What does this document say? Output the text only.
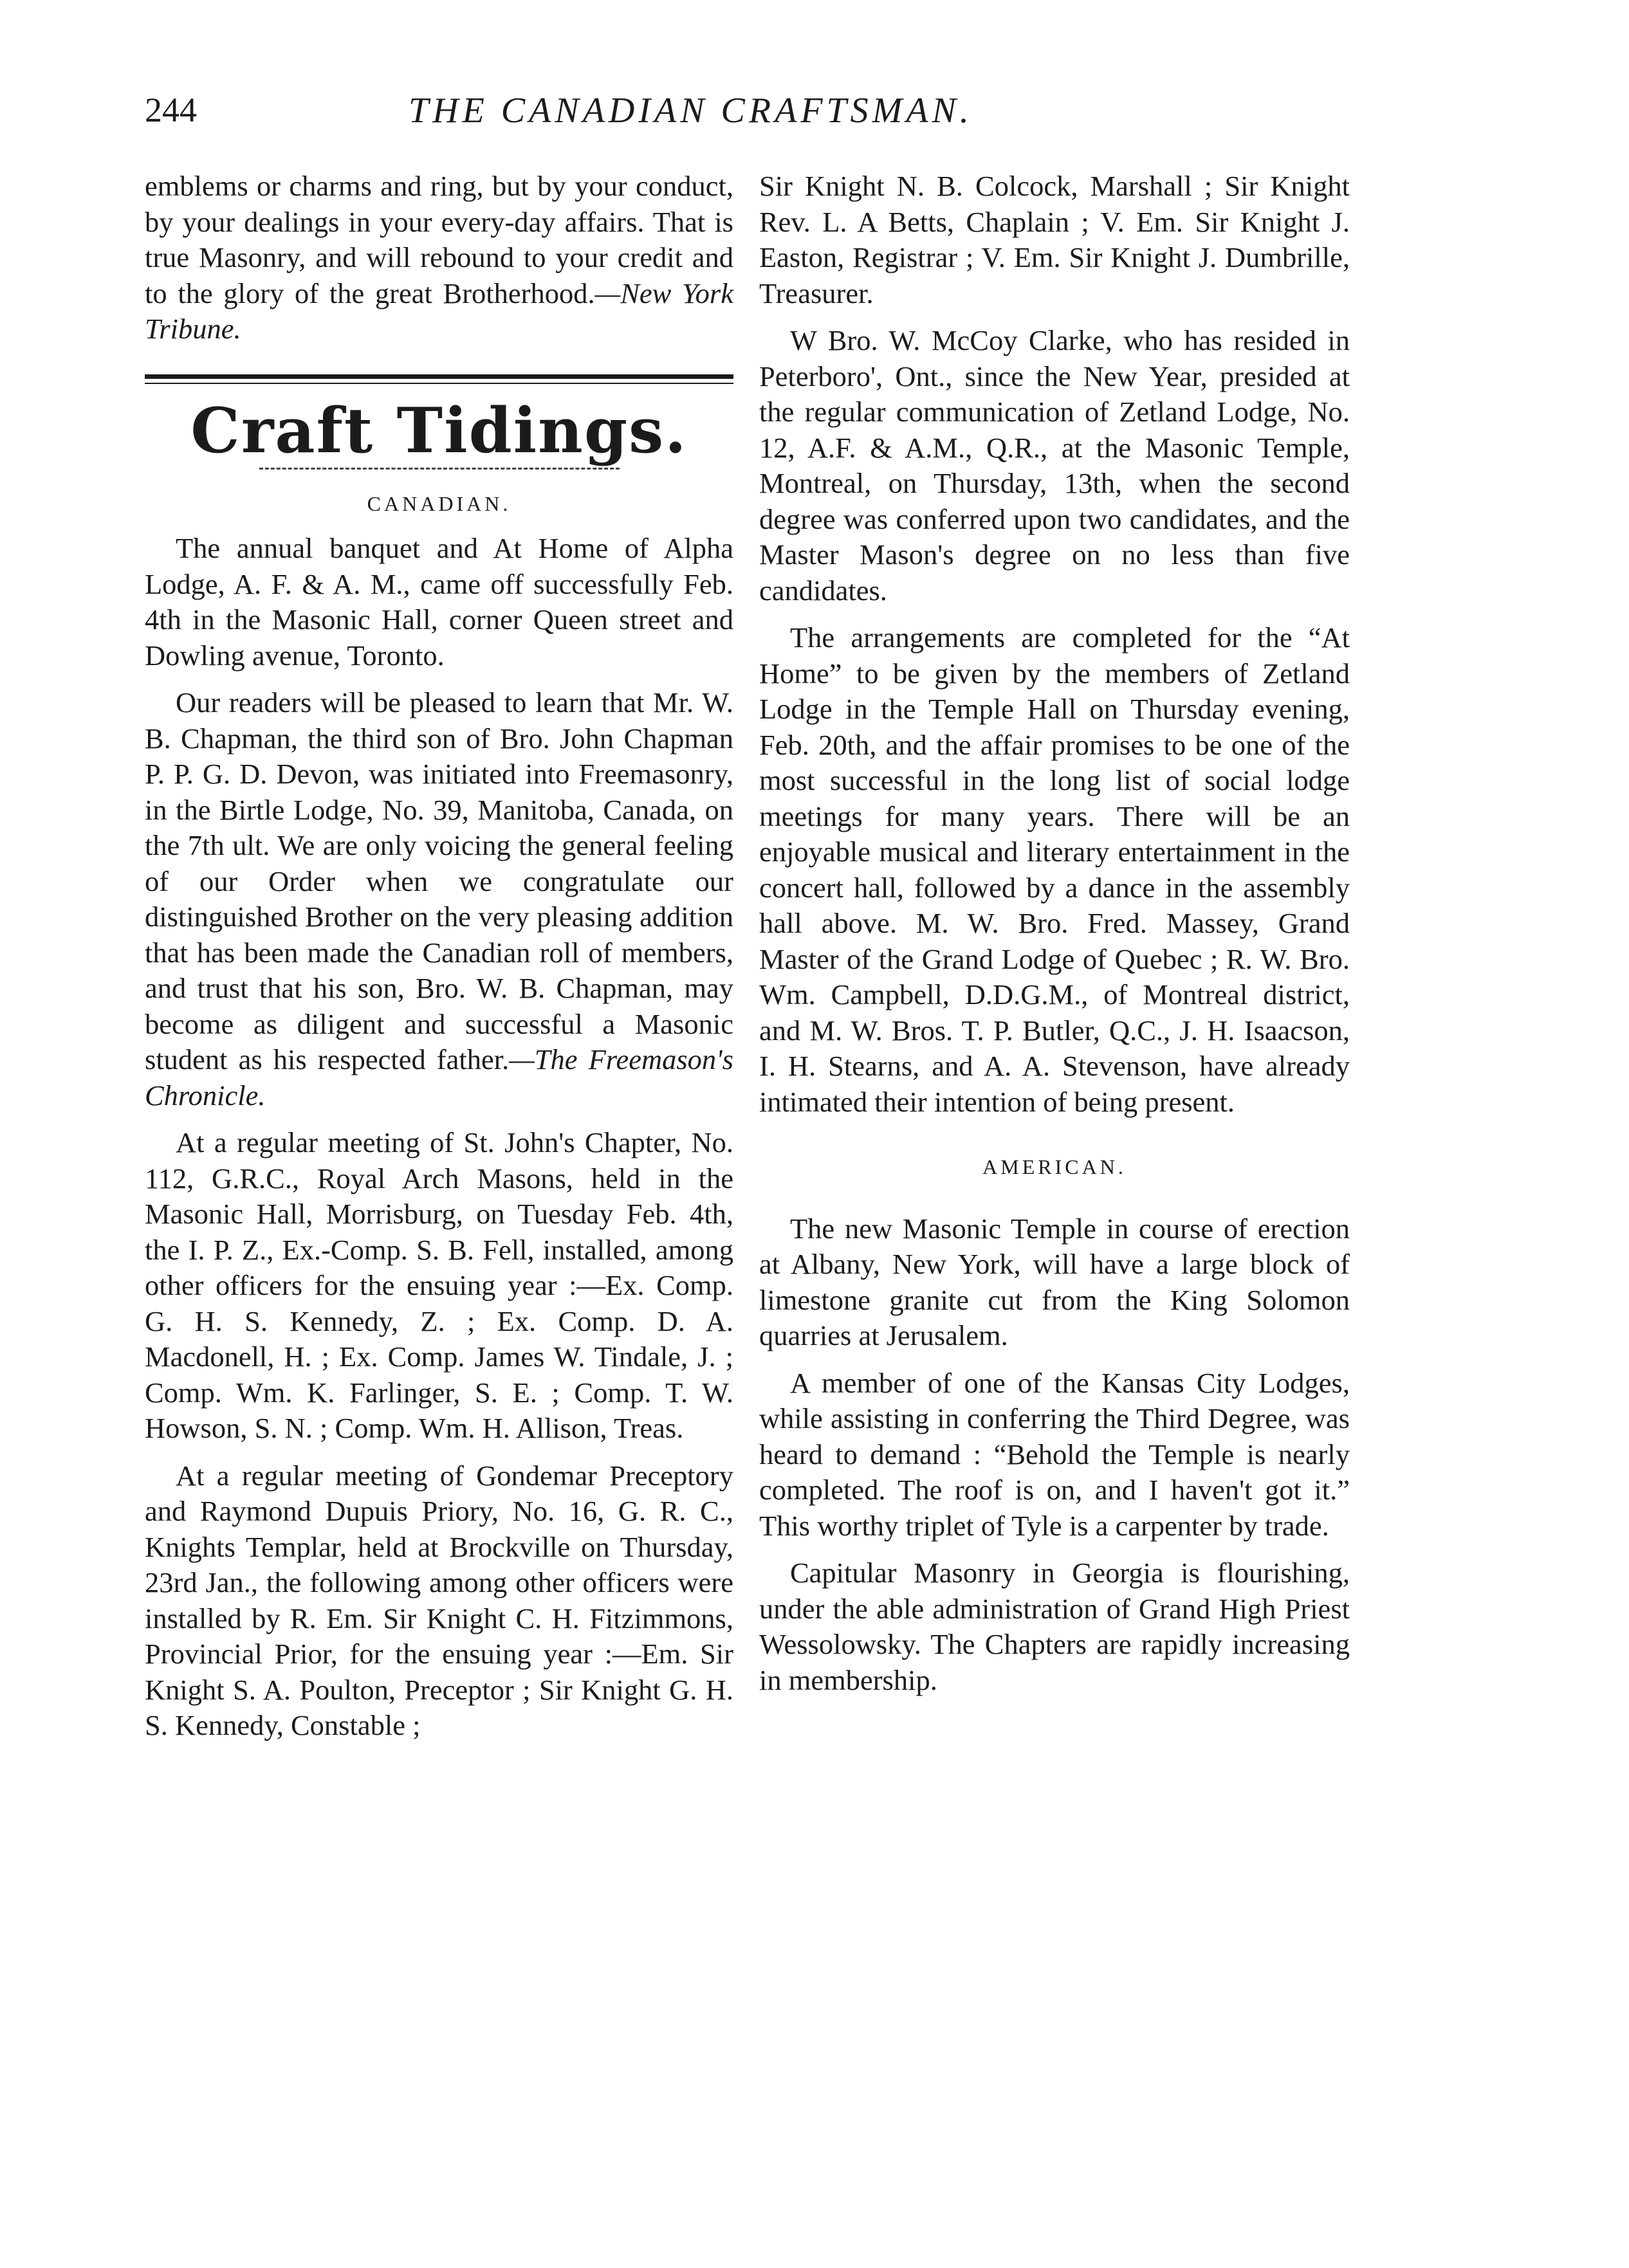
244	THE CANADIAN CRAFTSMAN.

emblems or charms and ring, but by your conduct, by your dealings in your every-day affairs. That is true Masonry, and will rebound to your credit and to the glory of the great Brotherhood.—New York Tribune.

Craft Tidings.
CANADIAN.

The annual banquet and At Home of Alpha Lodge, A. F. & A. M., came off successfully Feb. 4th in the Masonic Hall, corner Queen street and Dowling avenue, Toronto.

Our readers will be pleased to learn that Mr. W. B. Chapman, the third son of Bro. John Chapman P. P. G. D. Devon, was initiated into Freemasonry, in the Birtle Lodge, No. 39, Manitoba, Canada, on the 7th ult. We are only voicing the general feeling of our Order when we congratulate our distinguished Brother on the very pleasing addition that has been made the Canadian roll of members, and trust that his son, Bro. W. B. Chapman, may become as diligent and successful a Masonic student as his respected father.—The Freemason's Chronicle.

At a regular meeting of St. John's Chapter, No. 112, G.R.C., Royal Arch Masons, held in the Masonic Hall, Morrisburg, on Tuesday Feb. 4th, the I. P. Z., Ex.-Comp. S. B. Fell, installed, among other officers for the ensuing year :—Ex. Comp. G. H. S. Kennedy, Z. ; Ex. Comp. D. A. Macdonell, H. ; Ex. Comp. James W. Tindale, J. ; Comp. Wm. K. Farlinger, S. E. ; Comp. T. W. Howson, S. N. ; Comp. Wm. H. Allison, Treas.

At a regular meeting of Gondemar Preceptory and Raymond Dupuis Priory, No. 16, G. R. C., Knights Templar, held at Brockville on Thursday, 23rd Jan., the following among other officers were installed by R. Em. Sir Knight C. H. Fitzimmons, Provincial Prior, for the ensuing year :—Em. Sir Knight S. A. Poulton, Preceptor ; Sir Knight G. H. S. Kennedy, Constable ;

Sir Knight N. B. Colcock, Marshall ; Sir Knight Rev. L. A Betts, Chaplain ; V. Em. Sir Knight J. Easton, Registrar ; V. Em. Sir Knight J. Dumbrille, Treasurer.

W Bro. W. McCoy Clarke, who has resided in Peterboro', Ont., since the New Year, presided at the regular communication of Zetland Lodge, No. 12, A.F. & A.M., Q.R., at the Masonic Temple, Montreal, on Thursday, 13th, when the second degree was conferred upon two candidates, and the Master Mason's degree on no less than five candidates.

The arrangements are completed for the “At Home” to be given by the members of Zetland Lodge in the Temple Hall on Thursday evening, Feb. 20th, and the affair promises to be one of the most successful in the long list of social lodge meetings for many years. There will be an enjoyable musical and literary entertainment in the concert hall, followed by a dance in the assembly hall above. M. W. Bro. Fred. Massey, Grand Master of the Grand Lodge of Quebec ; R. W. Bro. Wm. Campbell, D.D.G.M., of Montreal district, and M. W. Bros. T. P. Butler, Q.C., J. H. Isaacson, I. H. Stearns, and A. A. Stevenson, have already intimated their intention of being present.

AMERICAN.

The new Masonic Temple in course of erection at Albany, New York, will have a large block of limestone granite cut from the King Solomon quarries at Jerusalem.

A member of one of the Kansas City Lodges, while assisting in conferring the Third Degree, was heard to demand : “Behold the Temple is nearly completed. The roof is on, and I haven't got it.” This worthy triplet of Tyle is a carpenter by trade.

Capitular Masonry in Georgia is flourishing, under the able administration of Grand High Priest Wessolowsky. The Chapters are rapidly increasing in membership.
